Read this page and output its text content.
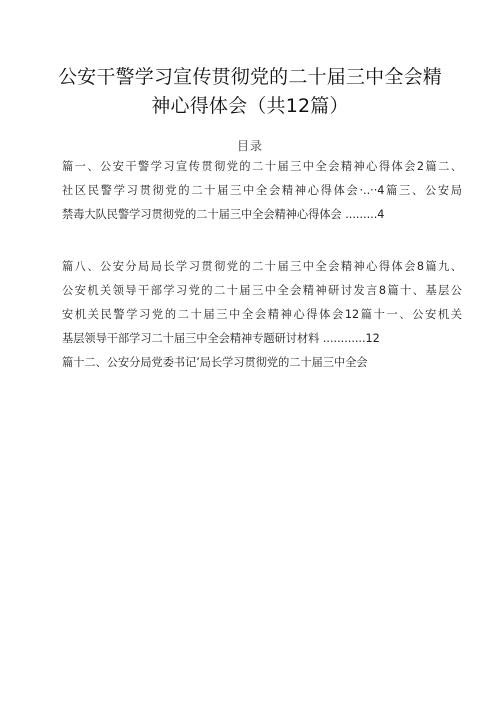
公安干警学习宣传贯彻党的二十届三中全会精
神心得体会（共12篇）
目录
篇一、公安干警学习宣传贯彻党的二十届三中全会精神心得体会2篇二、
社区民警学习贯彻党的二十届三中全会精神心得体会·..··4篇三、公安局
禁毒大队民警学习贯彻党的二十届三中全会精神心得体会 .........4
篇八、公安分局局长学习贯彻党的二十届三中全会精神心得体会8篇九、
公安机关领导干部学习党的二十届三中全会精神研讨发言8篇十、基层公
安机关民警学习党的二十届三中全会精神心得体会12篇十一、公安机关
基层领导干部学习二十届三中全会精神专题研讨材料 ............12
篇十二、公安分局党委书记’局长学习贯彻党的二十届三中全会
